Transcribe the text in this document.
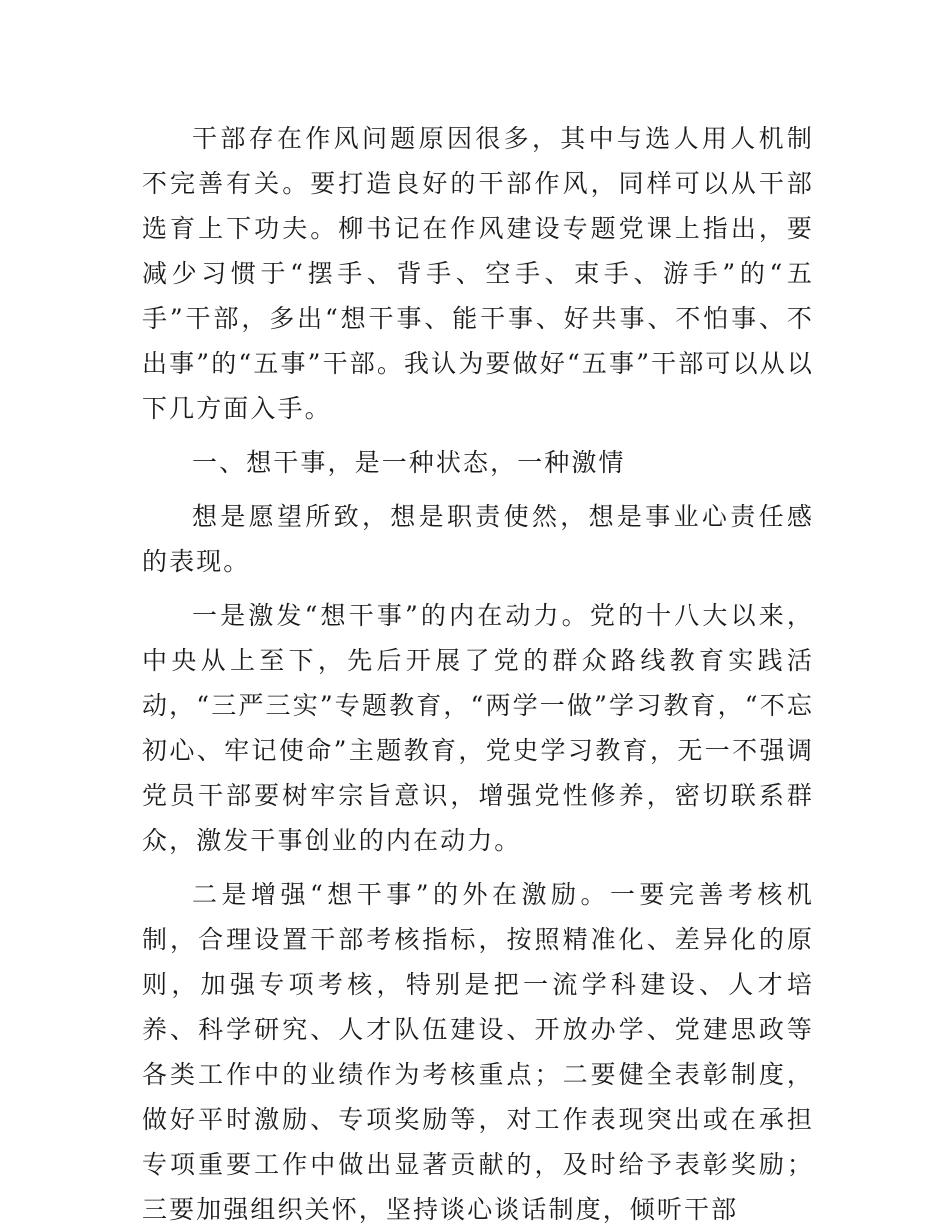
干部存在作风问题原因很多，其中与选人用人机制不完善有关。要打造良好的干部作风，同样可以从干部选育上下功夫。柳书记在作风建设专题党课上指出，要减少习惯于“摆手、背手、空手、束手、游手”的“五手”干部，多出“想干事、能干事、好共事、不怕事、不出事”的“五事”干部。我认为要做好“五事”干部可以从以下几方面入手。

一、想干事，是一种状态，一种激情

想是愿望所致，想是职责使然，想是事业心责任感的表现。

一是激发“想干事”的内在动力。党的十八大以来，中央从上至下，先后开展了党的群众路线教育实践活动，“三严三实”专题教育，“两学一做”学习教育，“不忘初心、牢记使命”主题教育，党史学习教育，无一不强调党员干部要树牢宗旨意识，增强党性修养，密切联系群众，激发干事创业的内在动力。

二是增强“想干事”的外在激励。一要完善考核机制，合理设置干部考核指标，按照精准化、差异化的原则，加强专项考核，特别是把一流学科建设、人才培养、科学研究、人才队伍建设、开放办学、党建思政等各类工作中的业绩作为考核重点；二要健全表彰制度，做好平时激励、专项奖励等，对工作表现突出或在承担专项重要工作中做出显著贡献的，及时给予表彰奖励；三要加强组织关怀，坚持谈心谈话制度，倾听干部
